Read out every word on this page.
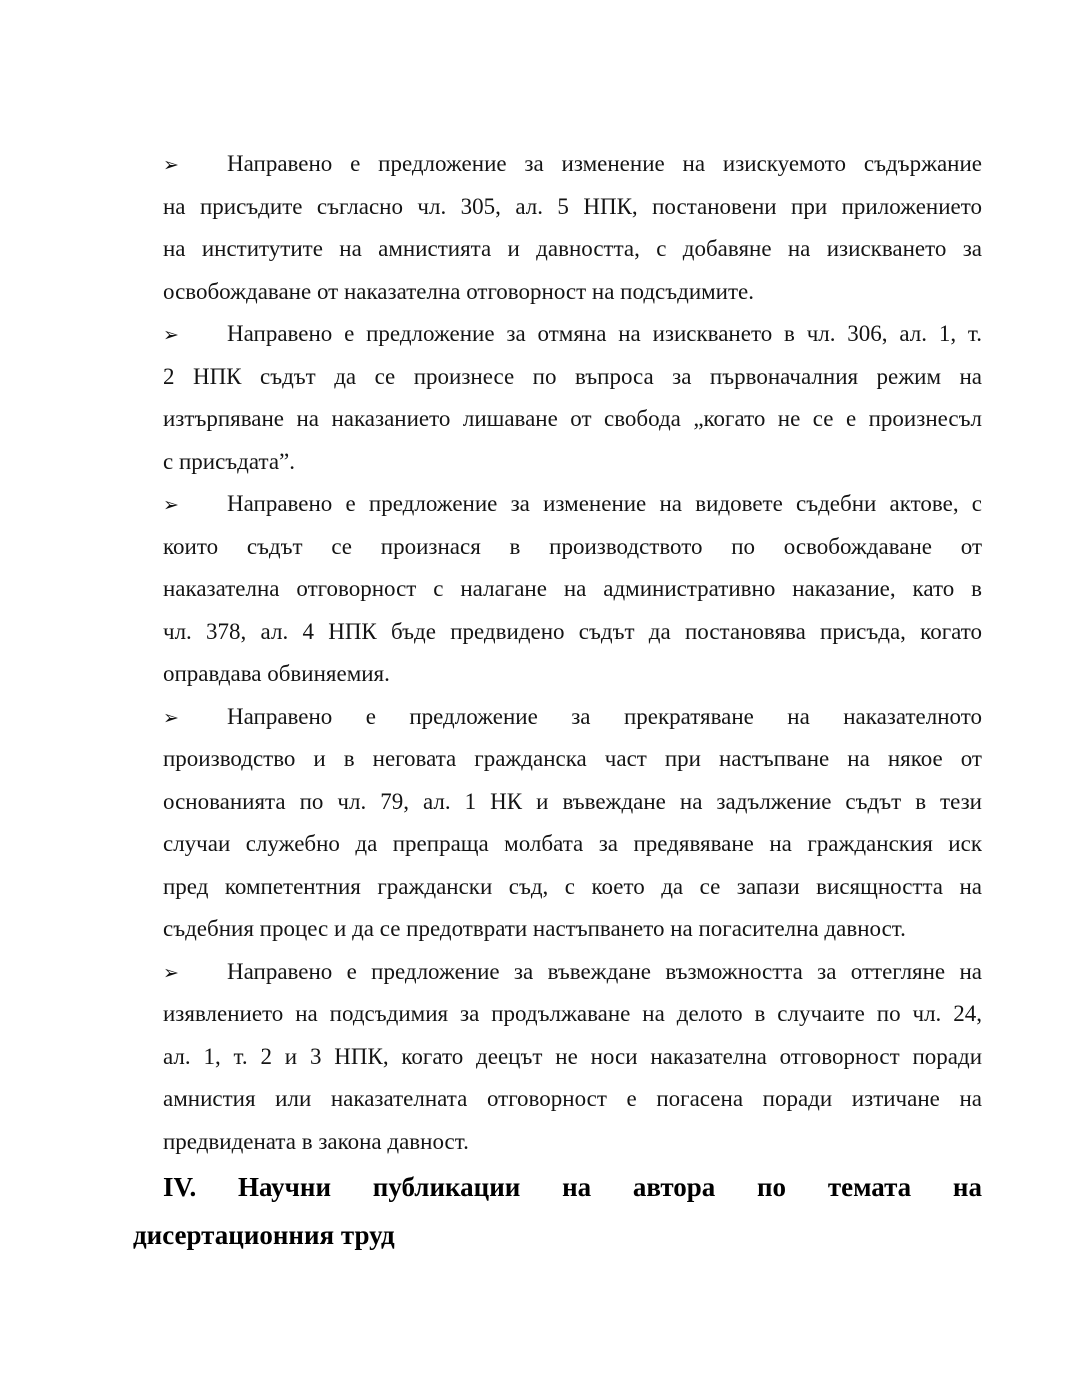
➢ Направено е предложение за изменение на изискуемото съдържание
на присъдите съгласно чл. 305, ал. 5 НПК, постановени при приложението
на институтите на амнистията и давността, с добавяне на изискването за
освобождаване от наказателна отговорност на подсъдимите.
➢ Направено е предложение за отмяна на изискването в чл. 306, ал. 1, т.
2 НПК съдът да се произнесе по въпроса за първоначалния режим на
изтърпяване на наказанието лишаване от свобода „когато не се е произнесъл
с присъдата”.
➢ Направено е предложение за изменение на видовете съдебни актове, с
които съдът се произнася в производството по освобождаване от
наказателна отговорност с налагане на административно наказание, като в
чл. 378, ал. 4 НПК бъде предвидено съдът да постановява присъда, когато
оправдава обвиняемия.
➢ Направено е предложение за прекратяване на наказателното
производство и в неговата гражданска част при настъпване на някое от
основанията по чл. 79, ал. 1 НК и въвеждане на задължение съдът в тези
случаи служебно да препраща молбата за предявяване на гражданския иск
пред компетентния граждански съд, с което да се запази висящността на
съдебния процес и да се предотврати настъпването на погасителна давност.
➢ Направено е предложение за въвеждане възможността за оттегляне на
изявлението на подсъдимия за продължаване на делото в случаите по чл. 24,
ал. 1, т. 2 и 3 НПК, когато деецът не носи наказателна отговорност поради
амнистия или наказателната отговорност е погасена поради изтичане на
предвидената в закона давност.
IV. Научни публикации на автора по темата на
дисертационния труд
